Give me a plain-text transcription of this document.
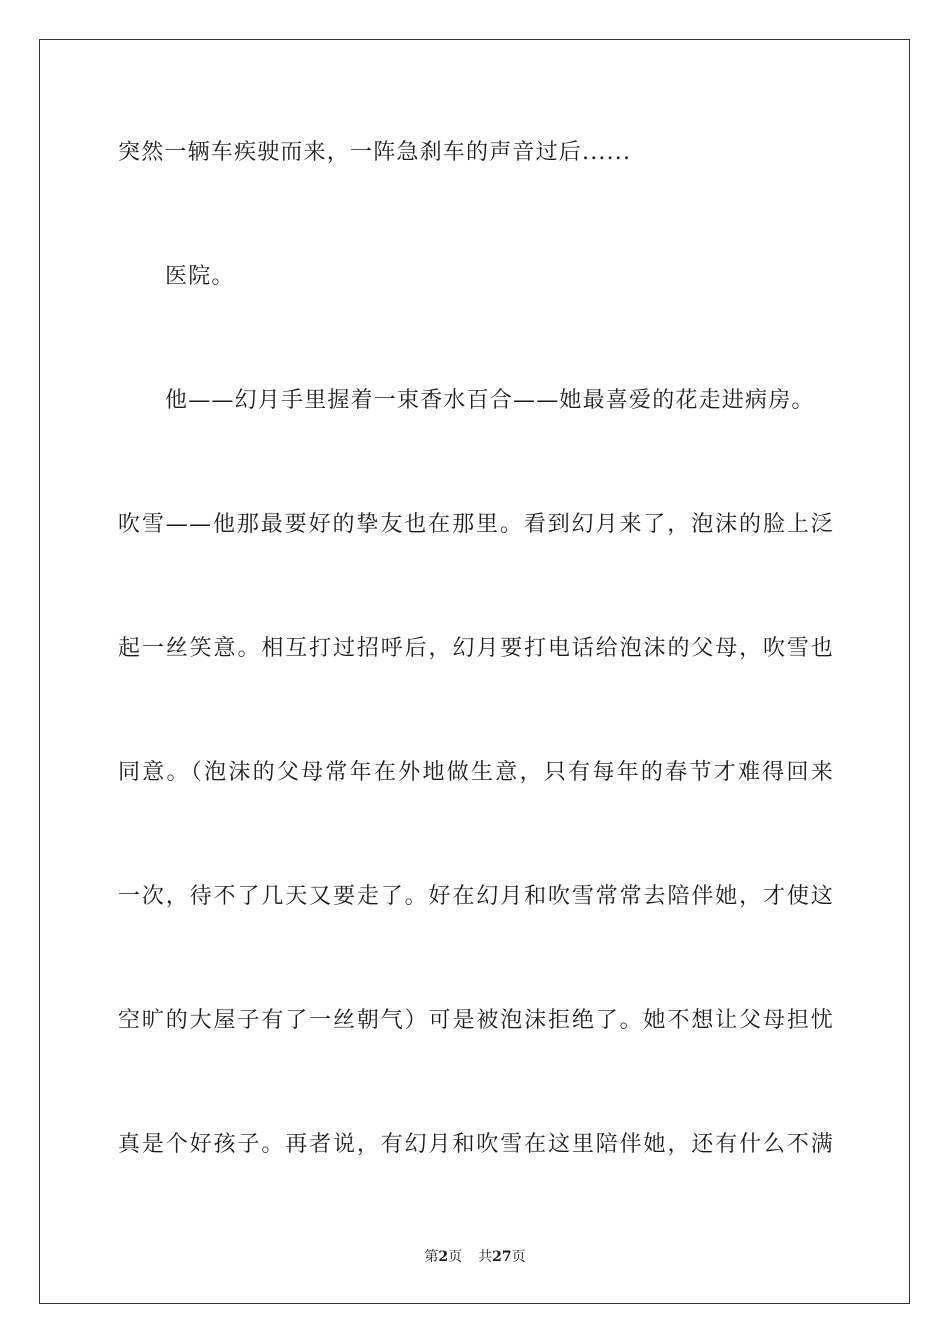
突然一辆车疾驶而来，一阵急刹车的声音过后......
医院。
他——幻月手里握着一束香水百合——她最喜爱的花走进病房。
吹雪——他那最要好的挚友也在那里。看到幻月来了，泡沫的脸上泛
起一丝笑意。相互打过招呼后，幻月要打电话给泡沫的父母，吹雪也
同意。（泡沫的父母常年在外地做生意，只有每年的春节才难得回来
一次，待不了几天又要走了。好在幻月和吹雪常常去陪伴她，才使这
空旷的大屋子有了一丝朝气）可是被泡沫拒绝了。她不想让父母担忧
真是个好孩子。再者说，有幻月和吹雪在这里陪伴她，还有什么不满
第2页 共27页
